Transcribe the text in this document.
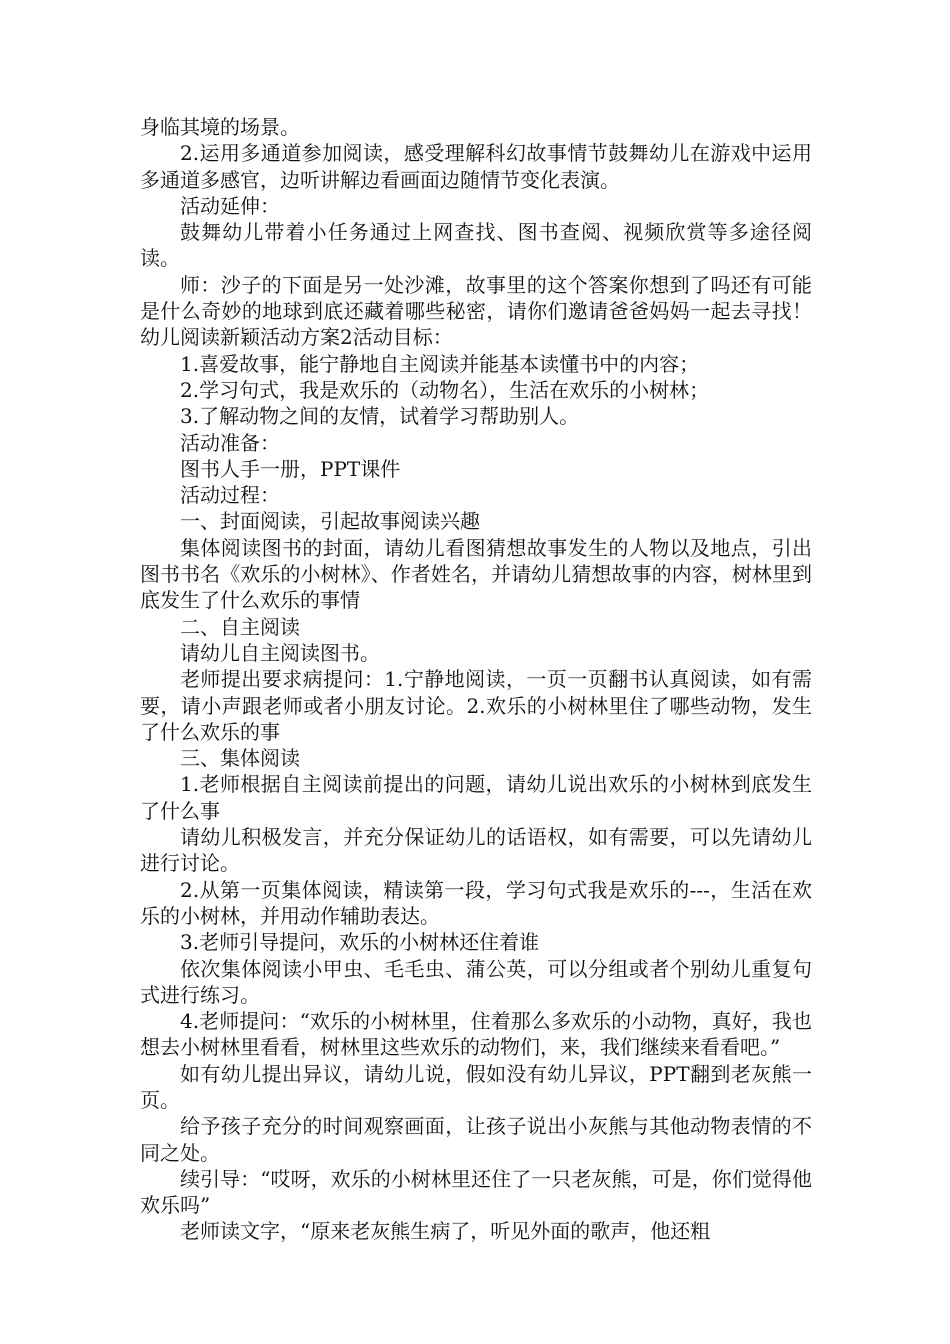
身临其境的场景。

2.运用多通道参加阅读，感受理解科幻故事情节鼓舞幼儿在游戏中运用多通道多感官，边听讲解边看画面边随情节变化表演。

活动延伸：

鼓舞幼儿带着小任务通过上网查找、图书查阅、视频欣赏等多途径阅读。

师：沙子的下面是另一处沙滩，故事里的这个答案你想到了吗还有可能是什么奇妙的地球到底还藏着哪些秘密，请你们邀请爸爸妈妈一起去寻找！幼儿阅读新颖活动方案2活动目标：

1.喜爱故事，能宁静地自主阅读并能基本读懂书中的内容；

2.学习句式，我是欢乐的（动物名），生活在欢乐的小树林；

3.了解动物之间的友情，试着学习帮助别人。

活动准备：

图书人手一册，PPT课件

活动过程：

一、封面阅读，引起故事阅读兴趣

集体阅读图书的封面，请幼儿看图猜想故事发生的人物以及地点，引出图书书名《欢乐的小树林》、作者姓名，并请幼儿猜想故事的内容，树林里到底发生了什么欢乐的事情

二、自主阅读

请幼儿自主阅读图书。

老师提出要求病提问：1.宁静地阅读，一页一页翻书认真阅读，如有需要，请小声跟老师或者小朋友讨论。2.欢乐的小树林里住了哪些动物，发生了什么欢乐的事

三、集体阅读

1.老师根据自主阅读前提出的问题，请幼儿说出欢乐的小树林到底发生了什么事

请幼儿积极发言，并充分保证幼儿的话语权，如有需要，可以先请幼儿进行讨论。

2.从第一页集体阅读，精读第一段，学习句式我是欢乐的---，生活在欢乐的小树林，并用动作辅助表达。

3.老师引导提问，欢乐的小树林还住着谁

依次集体阅读小甲虫、毛毛虫、蒲公英，可以分组或者个别幼儿重复句式进行练习。

4.老师提问：“欢乐的小树林里，住着那么多欢乐的小动物，真好，我也想去小树林里看看，树林里这些欢乐的动物们，来，我们继续来看看吧。”

如有幼儿提出异议，请幼儿说，假如没有幼儿异议，PPT翻到老灰熊一页。

给予孩子充分的时间观察画面，让孩子说出小灰熊与其他动物表情的不同之处。

续引导：“哎呀，欢乐的小树林里还住了一只老灰熊，可是，你们觉得他欢乐吗”

老师读文字，“原来老灰熊生病了，听见外面的歌声，他还粗
